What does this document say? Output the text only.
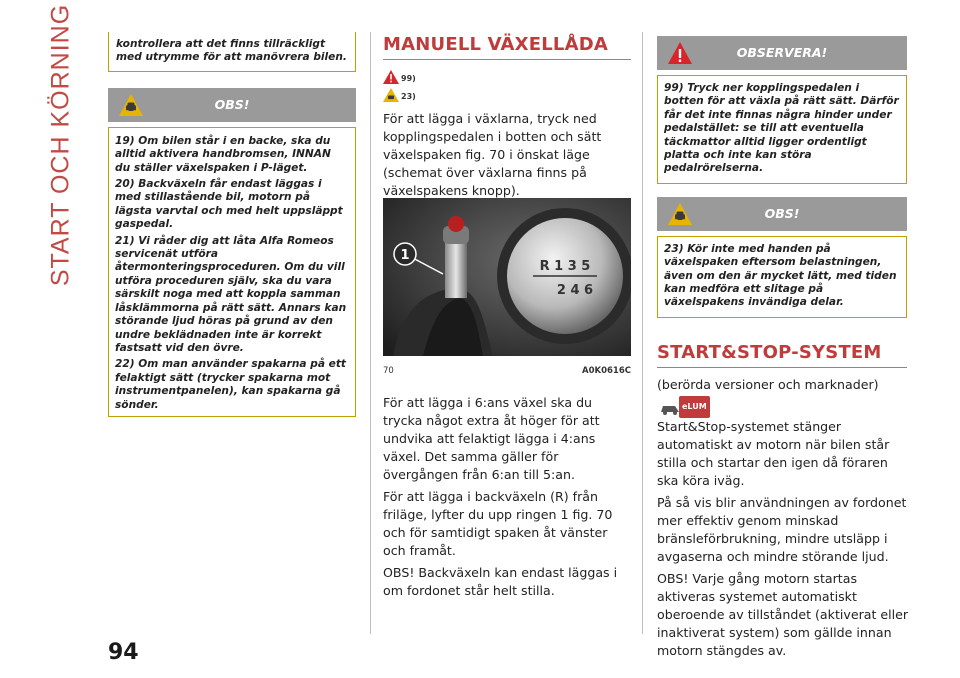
START OCH KÖRNING	kontrollera att det finns tillräckligt med utrymme för att manövrera bilen.
OBS!
19) Om bilen står i en backe, ska du alltid aktivera handbromsen, INNAN du ställer växelspaken i P-läget.
20) Backväxeln får endast läggas i med stillastående bil, motorn på lägsta varvtal och med helt uppsläppt gaspedal.
21) Vi råder dig att låta Alfa Romeos servicenät utföra återmonteringsproceduren. Om du vill utföra proceduren själv, ska du vara särskilt noga med att koppla samman låsklämmorna på rätt sätt. Annars kan störande ljud höras på grund av den undre beklädnaden inte är korrekt fastsatt vid den övre.
22) Om man använder spakarna på ett felaktigt sätt (trycker spakarna mot instrumentpanelen), kan spakarna gå sönder.
MANUELL VÄXELLÅDA
99)
23)

För att lägga i växlarna, tryck ned kopplingspedalen i botten och sätt växelspaken fig. 70 i önskat läge (schemat över växlarna finns på växelspakens knopp).

R 1 3 5
2 4 6
1
70	A0K0616C

För att lägga i 6:ans växel ska du trycka något extra åt höger för att undvika att felaktigt lägga i 4:ans växel. Det samma gäller för övergången från 6:an till 5:an.

För att lägga i backväxeln (R) från friläge, lyfter du upp ringen 1 fig. 70 och för samtidigt spaken åt vänster och framåt.

OBS! Backväxeln kan endast läggas i om fordonet står helt stilla.

OBSERVERA!
99) Tryck ner kopplingspedalen i botten för att växla på rätt sätt. Därför får det inte finnas några hinder under pedalstället: se till att eventuella täckmattor alltid ligger ordentligt platta och inte kan störa pedalrörelserna.
OBS!
23) Kör inte med handen på växelspaken eftersom belastningen, även om den är mycket lätt, med tiden kan medföra ett slitage på växelspakens invändiga delar.
START&STOP-SYSTEM

(berörda versioner och marknader)

eLUM

Start&Stop-systemet stänger automatiskt av motorn när bilen står stilla och startar den igen då föraren ska köra iväg.

På så vis blir användningen av fordonet mer effektiv genom minskad bränsleförbrukning, mindre utsläpp i avgaserna och mindre störande ljud.

OBS! Varje gång motorn startas aktiveras systemet automatiskt oberoende av tillståndet (aktiverat eller inaktiverat system) som gällde innan motorn stängdes av.

94
